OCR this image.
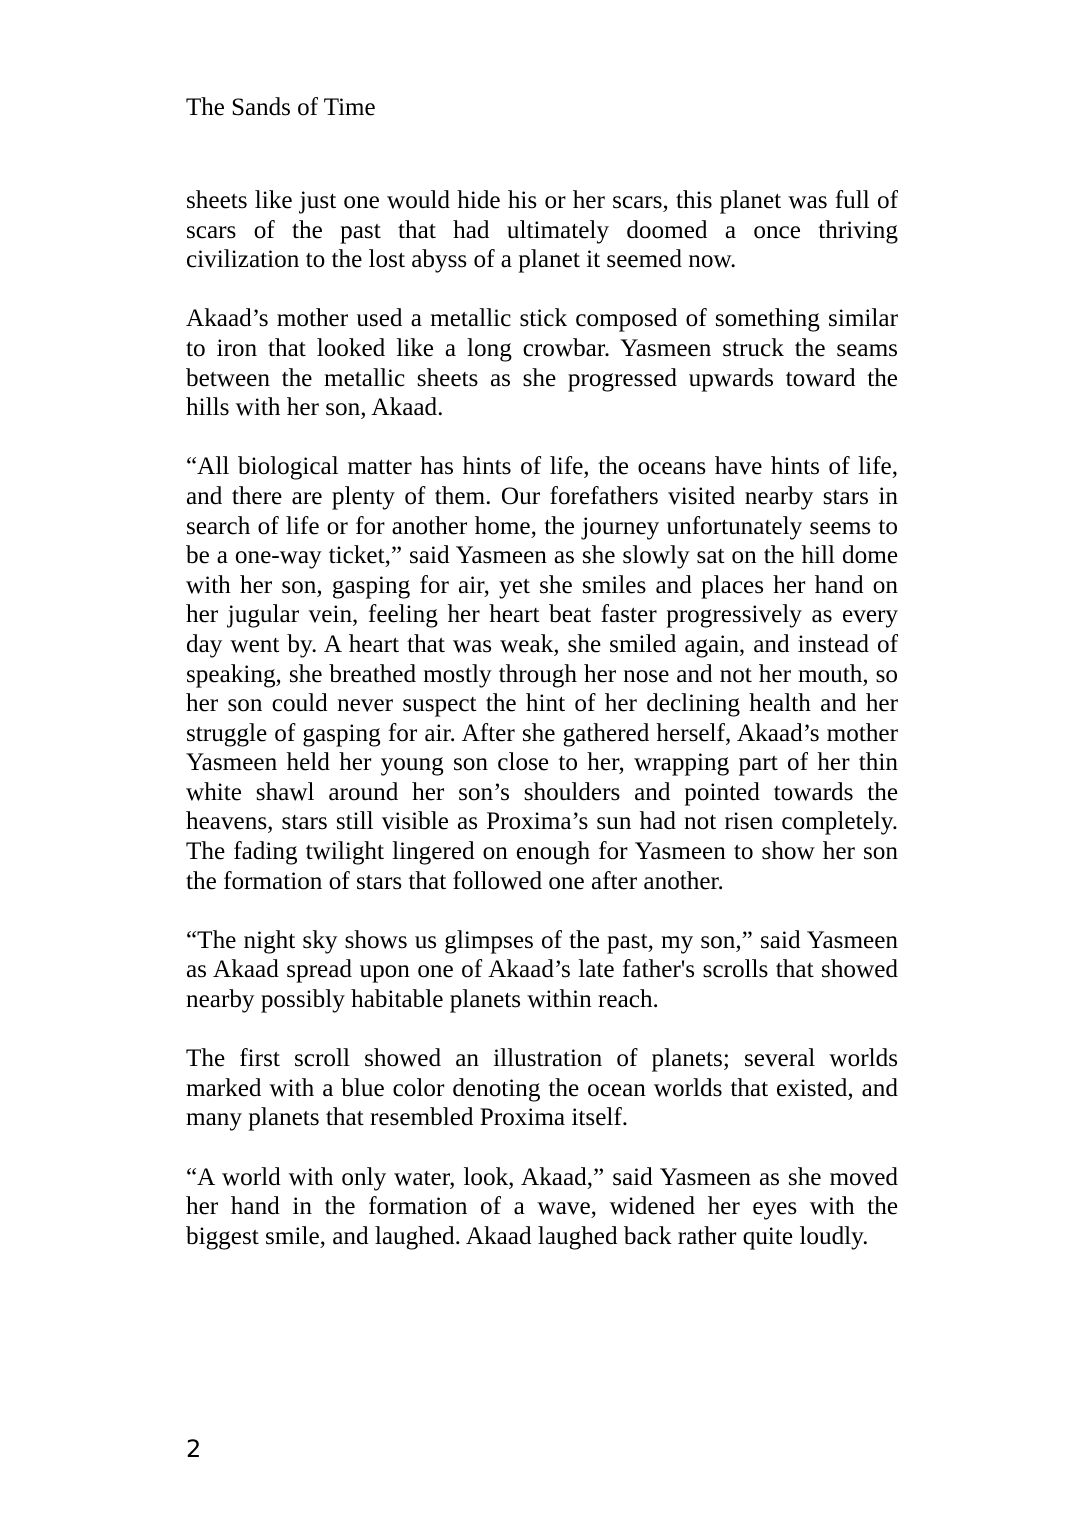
The Sands of Time

sheets like just one would hide his or her scars, this planet was full of scars of the past that had ultimately doomed a once thriving civilization to the lost abyss of a planet it seemed now.

Akaad’s mother used a metallic stick composed of something similar to iron that looked like a long crowbar. Yasmeen struck the seams between the metallic sheets as she progressed upwards toward the hills with her son, Akaad.

“All biological matter has hints of life, the oceans have hints of life, and there are plenty of them. Our forefathers visited nearby stars in search of life or for another home, the journey unfortunately seems to be a one-way ticket,” said Yasmeen as she slowly sat on the hill dome with her son, gasping for air, yet she smiles and places her hand on her jugular vein, feeling her heart beat faster progressively as every day went by. A heart that was weak, she smiled again, and instead of speaking, she breathed mostly through her nose and not her mouth, so her son could never suspect the hint of her declining health and her struggle of gasping for air. After she gathered herself, Akaad’s mother Yasmeen held her young son close to her, wrapping part of her thin white shawl around her son’s shoulders and pointed towards the heavens, stars still visible as Proxima’s sun had not risen completely. The fading twilight lingered on enough for Yasmeen to show her son the formation of stars that followed one after another.

“The night sky shows us glimpses of the past, my son,” said Yasmeen as Akaad spread upon one of Akaad’s late father's scrolls that showed nearby possibly habitable planets within reach.

The first scroll showed an illustration of planets; several worlds marked with a blue color denoting the ocean worlds that existed, and many planets that resembled Proxima itself.

“A world with only water, look, Akaad,” said Yasmeen as she moved her hand in the formation of a wave, widened her eyes with the biggest smile, and laughed. Akaad laughed back rather quite loudly.

2
